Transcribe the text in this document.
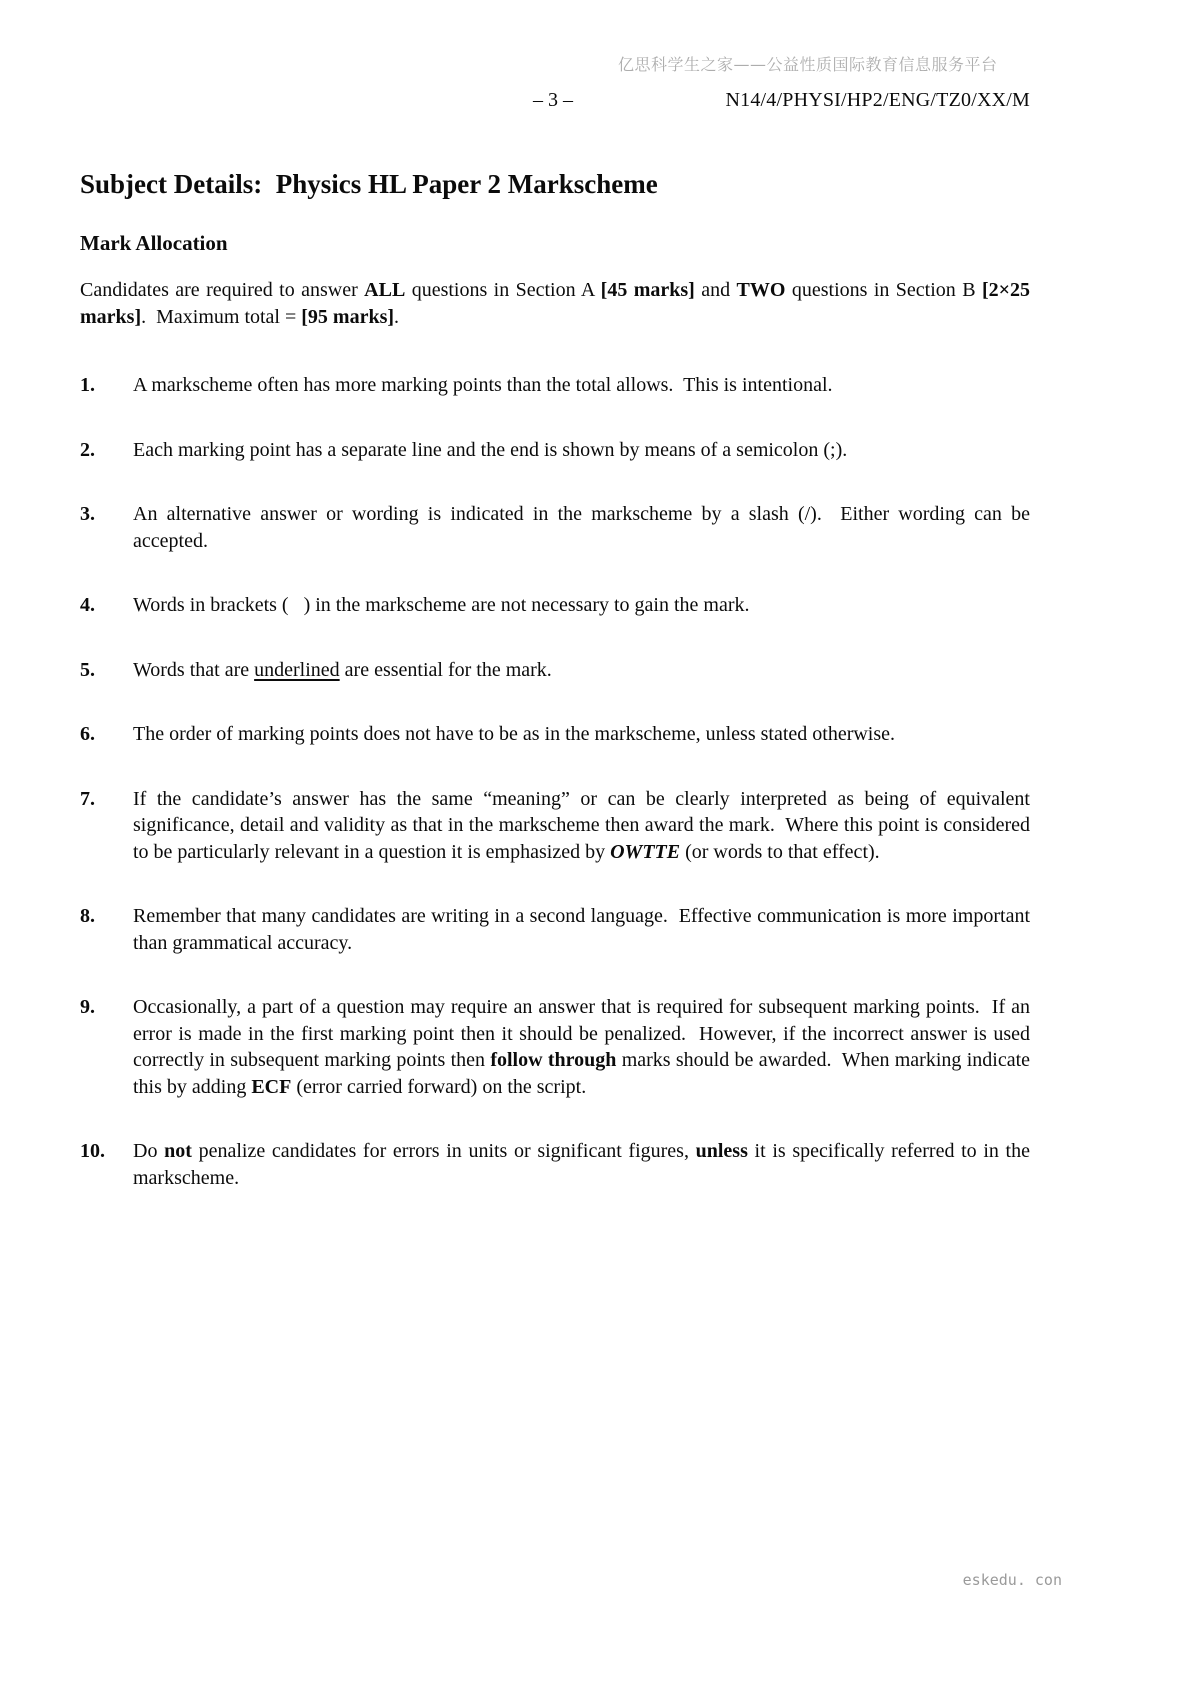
亿思科学生之家——公益性质国际教育信息服务平台
– 3 –	N14/4/PHYSI/HP2/ENG/TZ0/XX/M
Subject Details:  Physics HL Paper 2 Markscheme
Mark Allocation

Candidates are required to answer ALL questions in Section A [45 marks] and TWO questions in Section B [2×25 marks].  Maximum total = [95 marks].

1.	A markscheme often has more marking points than the total allows.  This is intentional.

2.	Each marking point has a separate line and the end is shown by means of a semicolon (;).

3.	An alternative answer or wording is indicated in the markscheme by a slash (/).  Either wording can be accepted.

4.	Words in brackets (   ) in the markscheme are not necessary to gain the mark.

5.	Words that are underlined are essential for the mark.

6.	The order of marking points does not have to be as in the markscheme, unless stated otherwise.

7.	If the candidate’s answer has the same “meaning” or can be clearly interpreted as being of equivalent significance, detail and validity as that in the markscheme then award the mark.  Where this point is considered to be particularly relevant in a question it is emphasized by OWTTE (or words to that effect).

8.	Remember that many candidates are writing in a second language.  Effective communication is more important than grammatical accuracy.

9.	Occasionally, a part of a question may require an answer that is required for subsequent marking points.  If an error is made in the first marking point then it should be penalized.  However, if the incorrect answer is used correctly in subsequent marking points then follow through marks should be awarded.  When marking indicate this by adding ECF (error carried forward) on the script.

10.	Do not penalize candidates for errors in units or significant figures, unless it is specifically referred to in the markscheme.

eskedu. con
